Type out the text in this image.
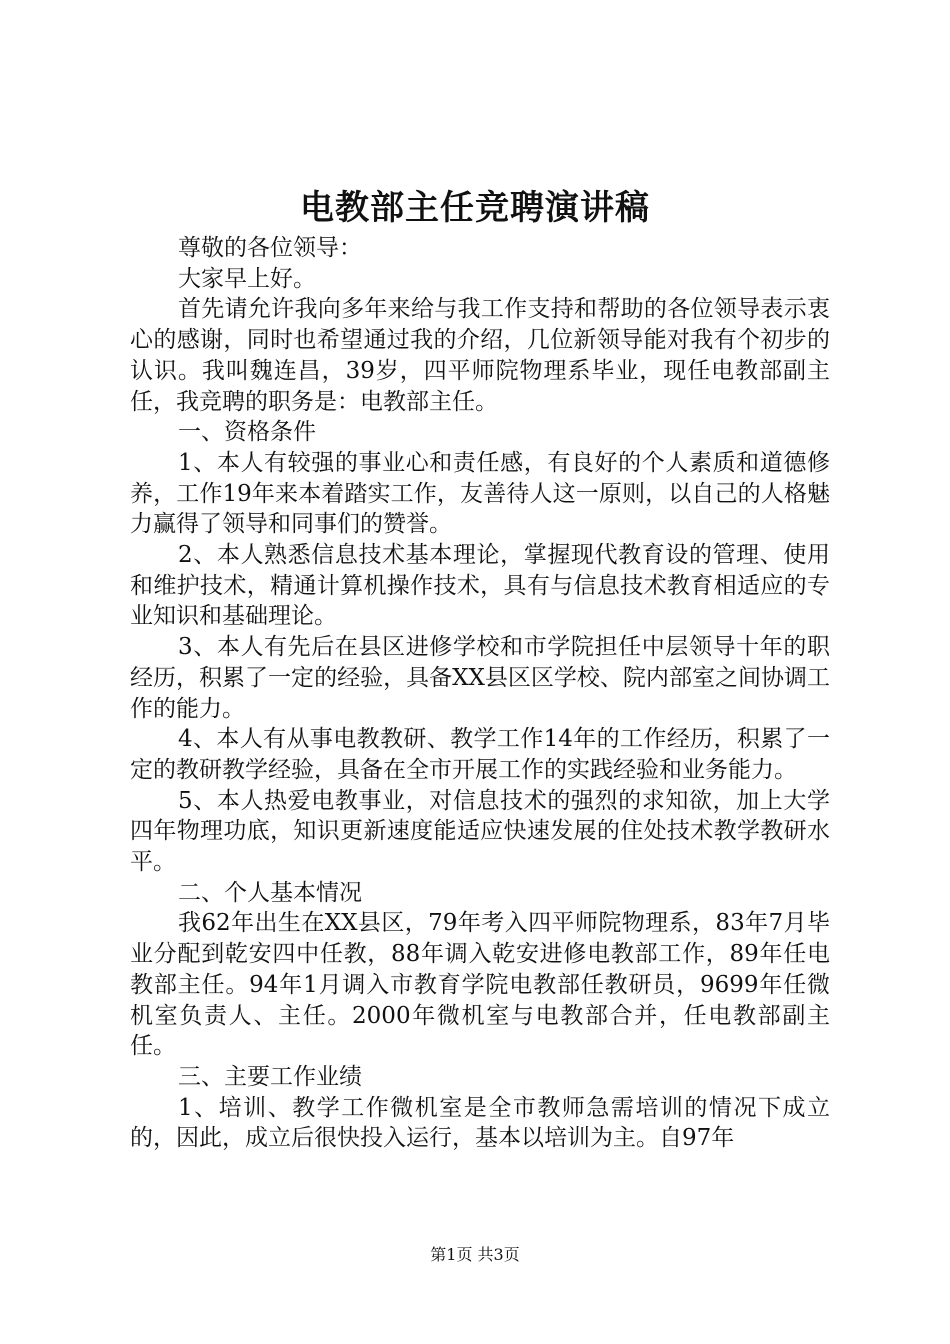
电教部主任竞聘演讲稿

尊敬的各位领导：

大家早上好。

首先请允许我向多年来给与我工作支持和帮助的各位领导表示衷心的感谢，同时也希望通过我的介绍，几位新领导能对我有个初步的认识。我叫魏连昌，39岁，四平师院物理系毕业，现任电教部副主任，我竞聘的职务是：电教部主任。

一、资格条件

1、本人有较强的事业心和责任感，有良好的个人素质和道德修养，工作19年来本着踏实工作，友善待人这一原则，以自己的人格魅力赢得了领导和同事们的赞誉。

2、本人熟悉信息技术基本理论，掌握现代教育设的管理、使用和维护技术，精通计算机操作技术，具有与信息技术教育相适应的专业知识和基础理论。

3、本人有先后在县区进修学校和市学院担任中层领导十年的职经历，积累了一定的经验，具备XX县区区学校、院内部室之间协调工作的能力。

4、本人有从事电教教研、教学工作14年的工作经历，积累了一定的教研教学经验，具备在全市开展工作的实践经验和业务能力。

5、本人热爱电教事业，对信息技术的强烈的求知欲，加上大学四年物理功底，知识更新速度能适应快速发展的住处技术教学教研水平。

二、个人基本情况

我62年出生在XX县区，79年考入四平师院物理系，83年7月毕业分配到乾安四中任教，88年调入乾安进修电教部工作，89年任电教部主任。94年1月调入市教育学院电教部任教研员，9699年任微机室负责人、主任。2000年微机室与电教部合并，任电教部副主任。

三、主要工作业绩

1、培训、教学工作微机室是全市教师急需培训的情况下成立的，因此，成立后很快投入运行，基本以培训为主。自97年

第1页 共3页
